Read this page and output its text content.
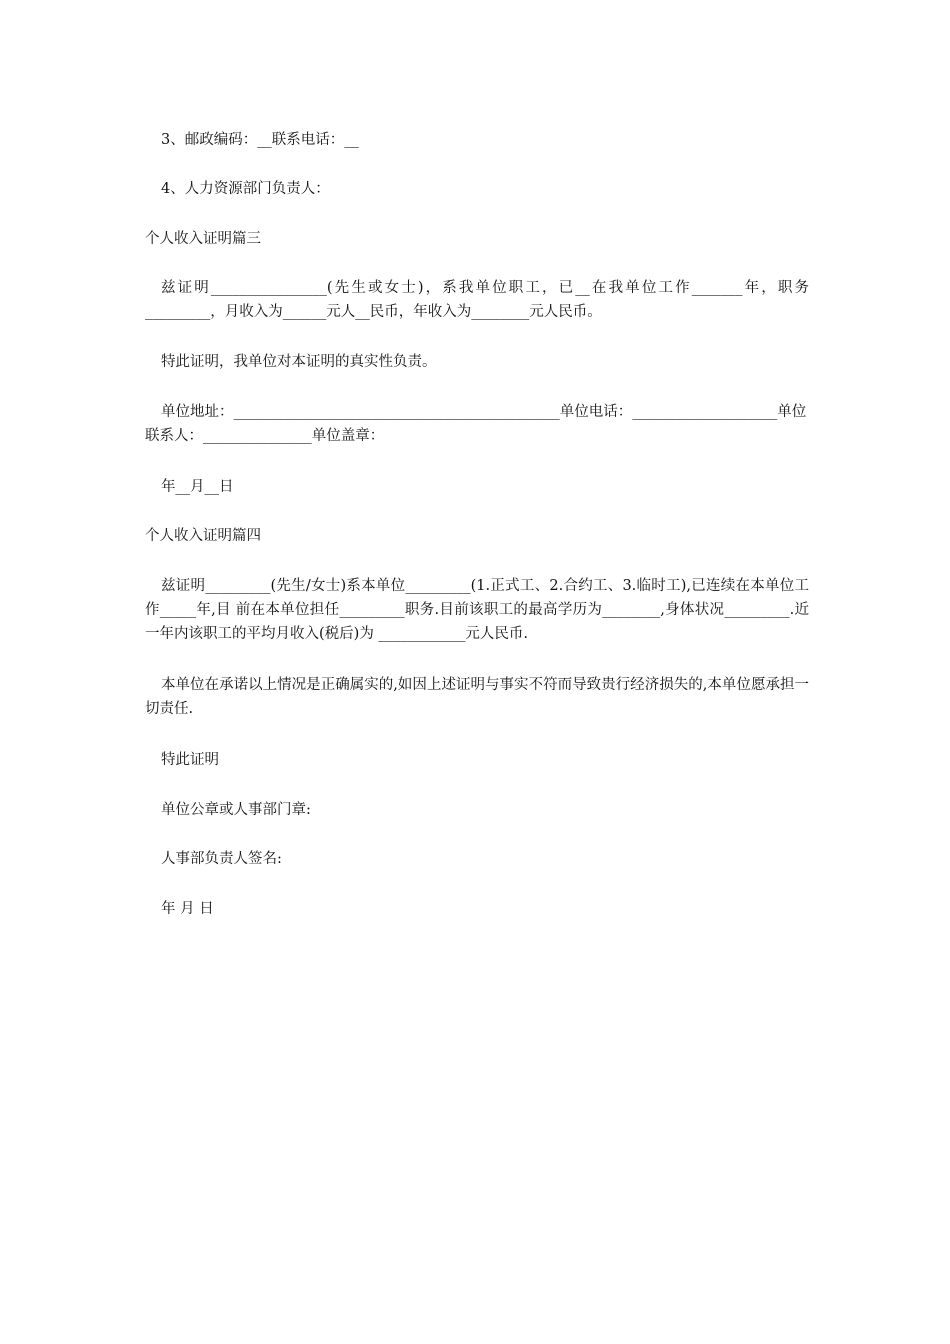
3、邮政编码：__联系电话：__

4、人力资源部门负责人：

个人收入证明篇三

兹证明________________(先生或女士)，系我单位职工，已__在我单位工作_______年，职务_________，月收入为______元人__民币，年收入为________元人民币。

特此证明，我单位对本证明的真实性负责。

单位地址：_____________________________________________单位电话：____________________单位联系人：_______________单位盖章：

年__月__日

个人收入证明篇四

兹证明_________(先生/女士)系本单位_________(1.正式工、2.合约工、3.临时工),已连续在本单位工作_____年,目 前在本单位担任_________职务.目前该职工的最高学历为________,身体状况_________.近一年内该职工的平均月收入(税后)为 ____________元人民币.

本单位在承诺以上情况是正确属实的,如因上述证明与事实不符而导致贵行经济损失的,本单位愿承担一切责任.

特此证明

单位公章或人事部门章:

人事部负责人签名:

年 月 日
